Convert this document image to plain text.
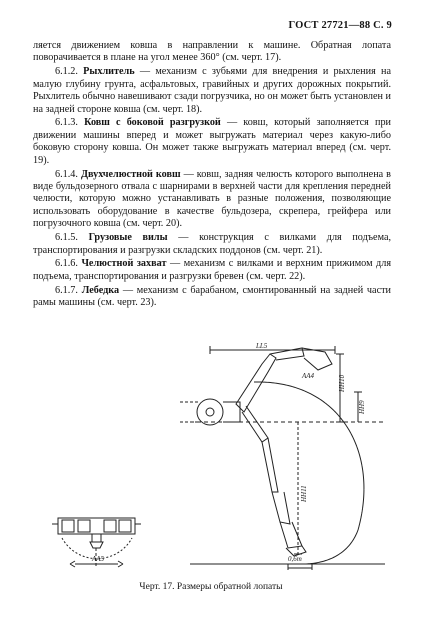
ГОСТ 27721—88 С. 9

ляется движением ковша в направлении к машине. Обратная лопата поворачивается в плане на угол менее 360° (см. черт. 17).

6.1.2. Рыхлитель — механизм с зубьями для внедрения и рыхления на малую глубину грунта, асфальтовых, гравийных и других дорожных покрытий. Рыхлитель обычно навешивают сзади погрузчика, но он может быть установлен и на задней стороне ковша (см. черт. 18).

6.1.3. Ковш с боковой разгрузкой — ковш, который заполняется при движении машины вперед и может выгружать материал через какую-либо боковую сторону ковша. Он может также выгружать материал вперед (см. черт. 19).

6.1.4. Двухчелюстной ковш — ковш, задняя челюсть которого выполнена в виде бульдозерного отвала с шарнирами в верхней части для крепления передней челюсти, которую можно устанавливать в разные положения, позволяющие использовать оборудование в качестве бульдозера, скрепера, грейфера или погрузочного ковша (см. черт. 20).

6.1.5. Грузовые вилы — конструкция с вилками для подъема, транспортирования и разгрузки складских поддонов (см. черт. 21).

6.1.6. Челюстной захват — механизм с вилками и верхним прижимом для подъема, транспортирования и разгрузки бревен (см. черт. 22).

6.1.7. Лебедка — механизм с барабаном, смонтированный на задней части рамы машины (см. черт. 23).

LL5
AA4	HH10
HH9
HH11
AA5	0,6m
Черт. 17. Размеры обратной лопаты
